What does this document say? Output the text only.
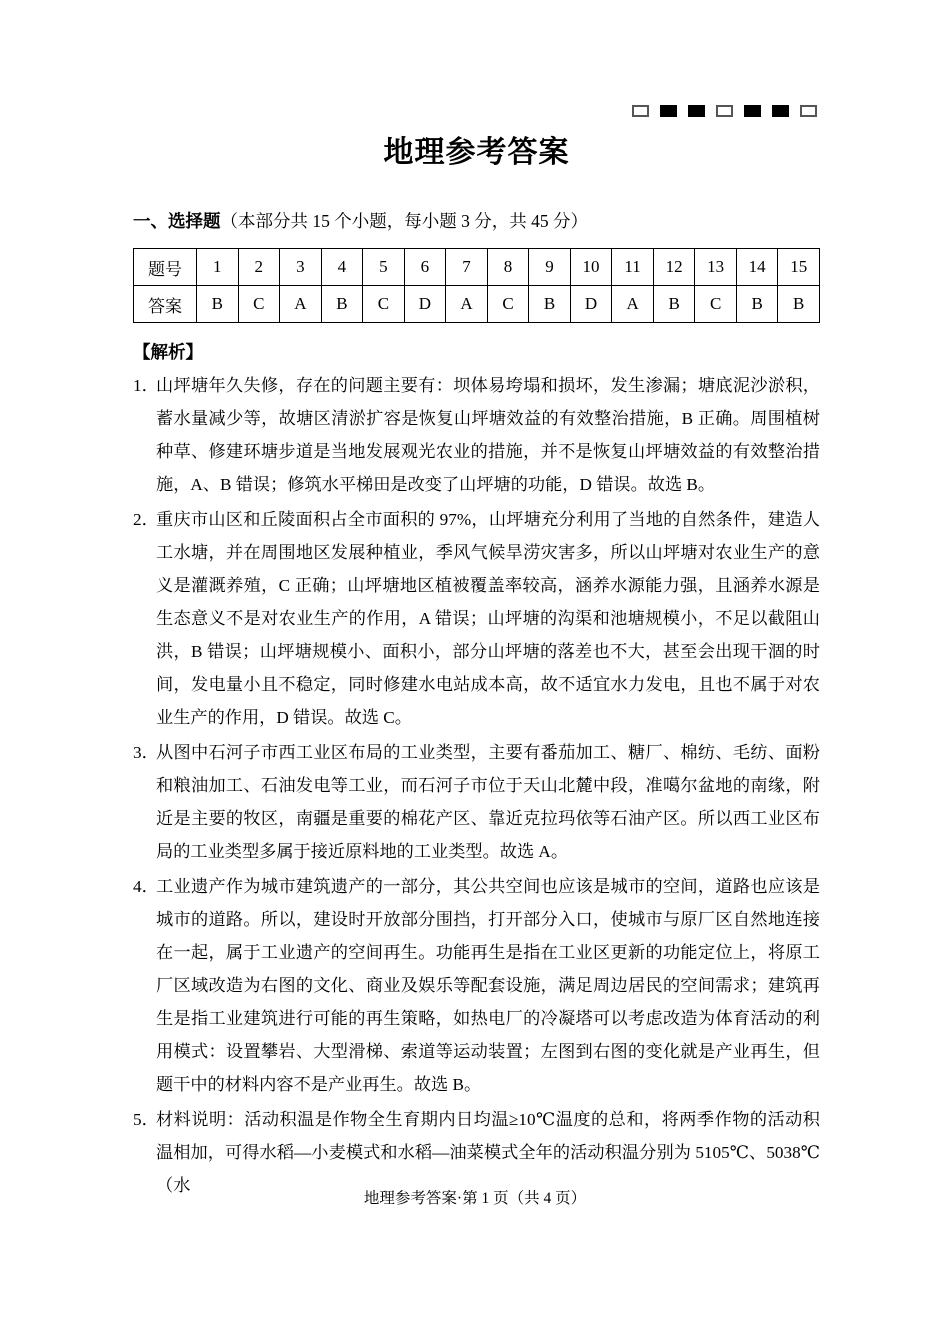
地理参考答案
一、选择题（本部分共 15 个小题，每小题 3 分，共 45 分）
题号	1	2	3	4	5	6	7	8	9	10	11	12	13	14	15
答案	B	C	A	B	C	D	A	C	B	D	A	B	C	B	B
【解析】
1．
山坪塘年久失修，存在的问题主要有：坝体易垮塌和损坏，发生渗漏；塘底泥沙淤积，蓄水量减少等，故塘区清淤扩容是恢复山坪塘效益的有效整治措施，B 正确。周围植树种草、修建环塘步道是当地发展观光农业的措施，并不是恢复山坪塘效益的有效整治措施，A、B 错误；修筑水平梯田是改变了山坪塘的功能，D 错误。故选 B。
2．
重庆市山区和丘陵面积占全市面积的 97%，山坪塘充分利用了当地的自然条件，建造人工水塘，并在周围地区发展种植业，季风气候旱涝灾害多，所以山坪塘对农业生产的意义是灌溉养殖，C 正确；山坪塘地区植被覆盖率较高，涵养水源能力强，且涵养水源是生态意义不是对农业生产的作用，A 错误；山坪塘的沟渠和池塘规模小，不足以截阻山洪，B 错误；山坪塘规模小、面积小，部分山坪塘的落差也不大，甚至会出现干涸的时间，发电量小且不稳定，同时修建水电站成本高，故不适宜水力发电，且也不属于对农业生产的作用，D 错误。故选 C。
3．
从图中石河子市西工业区布局的工业类型，主要有番茄加工、糖厂、棉纺、毛纺、面粉和粮油加工、石油发电等工业，而石河子市位于天山北麓中段，准噶尔盆地的南缘，附近是主要的牧区，南疆是重要的棉花产区、靠近克拉玛依等石油产区。所以西工业区布局的工业类型多属于接近原料地的工业类型。故选 A。
4．
工业遗产作为城市建筑遗产的一部分，其公共空间也应该是城市的空间，道路也应该是城市的道路。所以，建设时开放部分围挡，打开部分入口，使城市与原厂区自然地连接在一起，属于工业遗产的空间再生。功能再生是指在工业区更新的功能定位上，将原工厂区域改造为右图的文化、商业及娱乐等配套设施，满足周边居民的空间需求；建筑再生是指工业建筑进行可能的再生策略，如热电厂的冷凝塔可以考虑改造为体育活动的利用模式：设置攀岩、大型滑梯、索道等运动装置；左图到右图的变化就是产业再生，但题干中的材料内容不是产业再生。故选 B。
5．
材料说明：活动积温是作物全生育期内日均温≥10℃温度的总和，将两季作物的活动积温相加，可得水稻—小麦模式和水稻—油菜模式全年的活动积温分别为 5105℃、5038℃（水
地理参考答案·第 1 页（共 4 页）
